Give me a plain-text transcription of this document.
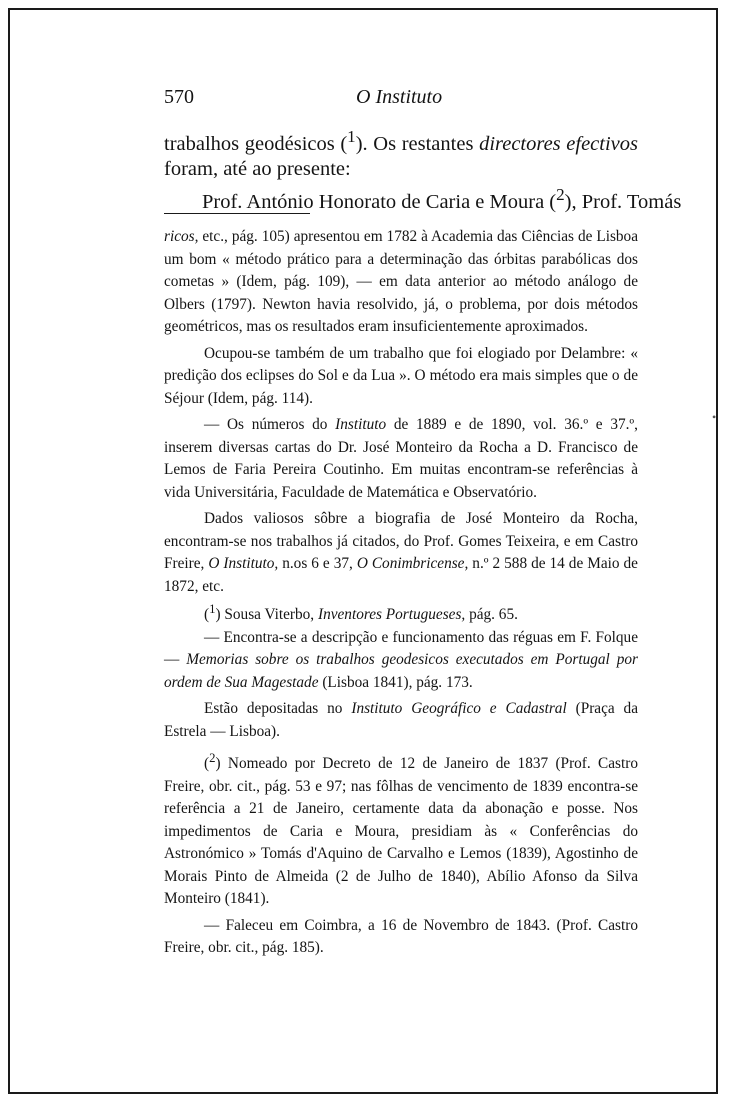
570	O Instituto

trabalhos geodésicos ($^1$). Os restantes directores efectivos foram, até ao presente:

Prof. António Honorato de Caria e Moura ($^2$), Prof. Tomás

ricos, etc., pág. 105) apresentou em 1782 à Academia das Ciências de Lisboa um bom « método prático para a determinação das órbitas parabólicas dos cometas » (Idem, pág. 109), — em data anterior ao método análogo de Olbers (1797). Newton havia resolvido, já, o problema, por dois métodos geométricos, mas os resultados eram insuficientemente aproximados.

Ocupou-se também de um trabalho que foi elogiado por Delambre: « predição dos eclipses do Sol e da Lua ». O método era mais simples que o de Séjour (Idem, pág. 114).

— Os números do Instituto de 1889 e de 1890, vol. 36.º e 37.º, inserem diversas cartas do Dr. José Monteiro da Rocha a D. Francisco de Lemos de Faria Pereira Coutinho. Em muitas encontram-se referências à vida Universitária, Faculdade de Matemática e Observatório.

Dados valiosos sôbre a biografia de José Monteiro da Rocha, encontram-se nos trabalhos já citados, do Prof. Gomes Teixeira, e em Castro Freire, O Instituto, n.os 6 e 37, O Conimbricense, n.º 2 588 de 14 de Maio de 1872, etc.

($^1$) Sousa Viterbo, Inventores Portugueses, pág. 65.

— Encontra-se a descripção e funcionamento das réguas em F. Folque — Memorias sobre os trabalhos geodesicos executados em Portugal por ordem de Sua Magestade (Lisboa 1841), pág. 173.

Estão depositadas no Instituto Geográfico e Cadastral (Praça da Estrela — Lisboa).

($^2$) Nomeado por Decreto de 12 de Janeiro de 1837 (Prof. Castro Freire, obr. cit., pág. 53 e 97; nas fôlhas de vencimento de 1839 encontra-se referência a 21 de Janeiro, certamente data da abonação e posse. Nos impedimentos de Caria e Moura, presidiam às « Conferências do Astronómico » Tomás d'Aquino de Carvalho e Lemos (1839), Agostinho de Morais Pinto de Almeida (2 de Julho de 1840), Abílio Afonso da Silva Monteiro (1841).

— Faleceu em Coimbra, a 16 de Novembro de 1843. (Prof. Castro Freire, obr. cit., pág. 185).

•
